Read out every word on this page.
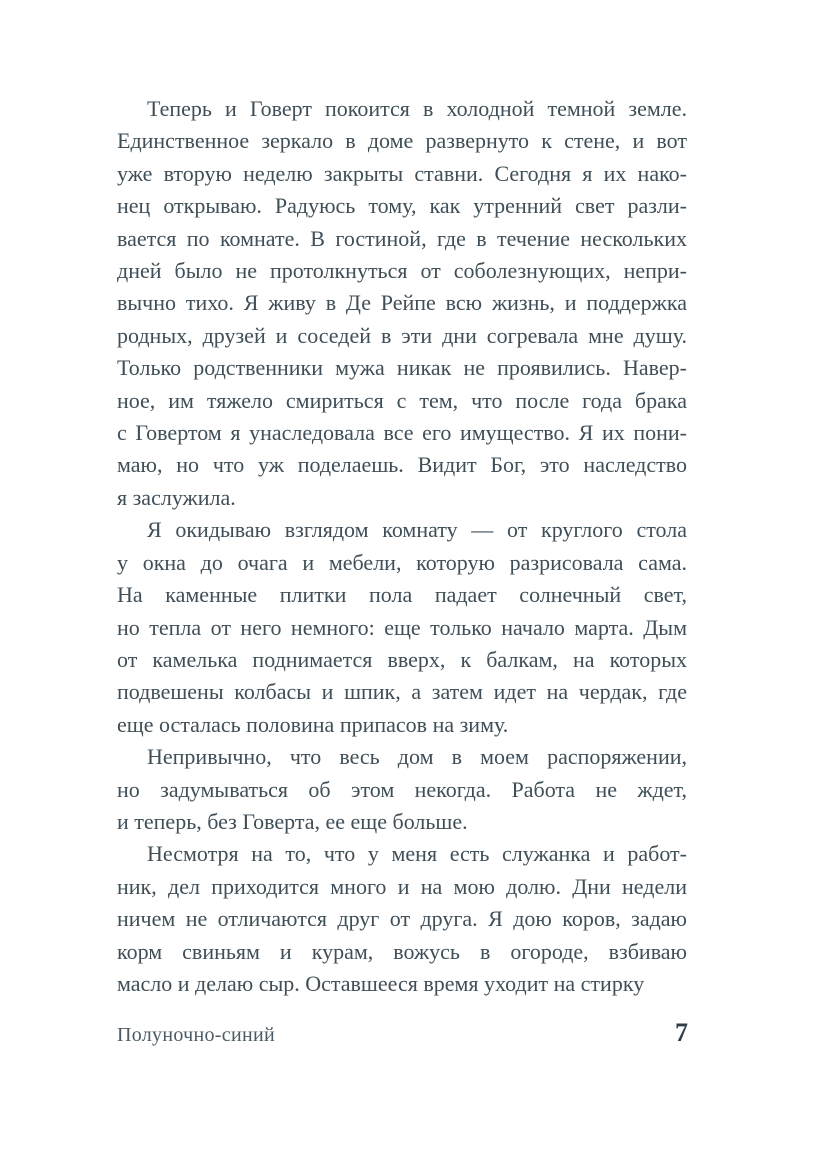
Теперь и Говерт покоится в холодной темной земле.
Единственное зеркало в доме развернуто к стене, и вот
уже вторую неделю закрыты ставни. Сегодня я их нако-
нец открываю. Радуюсь тому, как утренний свет разли-
вается по комнате. В гостиной, где в течение нескольких
дней было не протолкнуться от соболезнующих, непри-
вычно тихо. Я живу в Де Рейпе всю жизнь, и поддержка
родных, друзей и соседей в эти дни согревала мне душу.
Только родственники мужа никак не проявились. Навер-
ное, им тяжело смириться с тем, что после года брака
с Говертом я унаследовала все его имущество. Я их пони-
маю, но что уж поделаешь. Видит Бог, это наследство
я заслужила.
Я окидываю взглядом комнату — от круглого стола
у окна до очага и мебели, которую разрисовала сама.
На каменные плитки пола падает солнечный свет,
но тепла от него немного: еще только начало марта. Дым
от камелька поднимается вверх, к балкам, на которых
подвешены колбасы и шпик, а затем идет на чердак, где
еще осталась половина припасов на зиму.
Непривычно, что весь дом в моем распоряжении,
но задумываться об этом некогда. Работа не ждет,
и теперь, без Говерта, ее еще больше.
Несмотря на то, что у меня есть служанка и работ-
ник, дел приходится много и на мою долю. Дни недели
ничем не отличаются друг от друга. Я дою коров, задаю
корм свиньям и курам, вожусь в огороде, взбиваю
масло и делаю сыр. Оставшееся время уходит на стирку
Полуночно-синий	7
